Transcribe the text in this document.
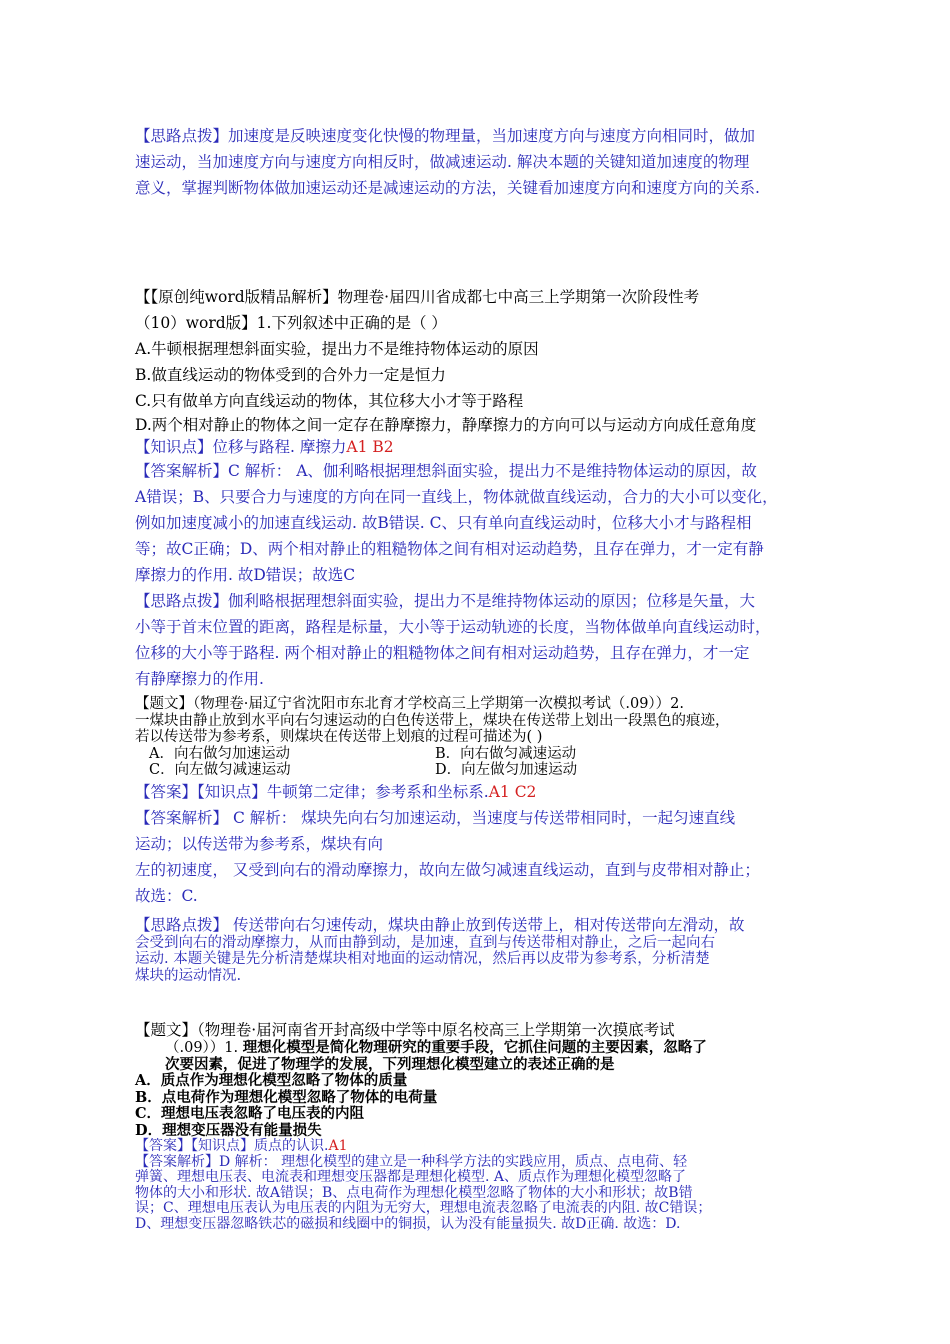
【思路点拨】加速度是反映速度变化快慢的物理量，当加速度方向与速度方向相同时，做加
速运动，当加速度方向与速度方向相反时，做减速运动. 解决本题的关键知道加速度的物理
意义，掌握判断物体做加速运动还是减速运动的方法，关键看加速度方向和速度方向的关系.
【【原创纯word版精品解析】物理卷·届四川省成都七中高三上学期第一次阶段性考
（10）word版】1.下列叙述中正确的是（ ）
A.牛顿根据理想斜面实验，提出力不是维持物体运动的原因
B.做直线运动的物体受到的合外力一定是恒力
C.只有做单方向直线运动的物体，其位移大小才等于路程
D.两个相对静止的物体之间一定存在静摩擦力，静摩擦力的方向可以与运动方向成任意角度
【知识点】位移与路程. 摩擦力A1 B2
【答案解析】C 解析： A、伽利略根据理想斜面实验，提出力不是维持物体运动的原因，故
A错误；B、只要合力与速度的方向在同一直线上，物体就做直线运动，合力的大小可以变化，
例如加速度减小的加速直线运动. 故B错误. C、只有单向直线运动时，位移大小才与路程相
等；故C正确；D、两个相对静止的粗糙物体之间有相对运动趋势，且存在弹力，才一定有静
摩擦力的作用. 故D错误；故选C
【思路点拨】伽利略根据理想斜面实验，提出力不是维持物体运动的原因；位移是矢量，大
小等于首末位置的距离，路程是标量，大小等于运动轨迹的长度，当物体做单向直线运动时，
位移的大小等于路程. 两个相对静止的粗糙物体之间有相对运动趋势，且存在弹力，才一定
有静摩擦力的作用.
【题文】（物理卷·届辽宁省沈阳市东北育才学校高三上学期第一次模拟考试（.09））2.
一煤块由静止放到水平向右匀速运动的白色传送带上，煤块在传送带上划出一段黑色的痕迹，
若以传送带为参考系，则煤块在传送带上划痕的过程可描述为( )
A．向右做匀加速运动	B．向右做匀减速运动
C．向左做匀减速运动	D．向左做匀加速运动
【答案】【知识点】牛顿第二定律；参考系和坐标系.A1 C2
【答案解析】 C 解析： 煤块先向右匀加速运动，当速度与传送带相同时，一起匀速直线
运动；以传送带为参考系，煤块有向
左的初速度， 又受到向右的滑动摩擦力，故向左做匀减速直线运动，直到与皮带相对静止；
故选：C.
【思路点拨】 传送带向右匀速传动，煤块由静止放到传送带上，相对传送带向左滑动，故
会受到向右的滑动摩擦力，从而由静到动，是加速，直到与传送带相对静止，之后一起向右
运动. 本题关键是先分析清楚煤块相对地面的运动情况，然后再以皮带为参考系，分析清楚
煤块的运动情况.
【题文】（物理卷·届河南省开封高级中学等中原名校高三上学期第一次摸底考试
（.09））1. 理想化模型是简化物理研究的重要手段，它抓住问题的主要因素，忽略了
次要因素，促进了物理学的发展，下列理想化模型建立的表述正确的是
A．质点作为理想化模型忽略了物体的质量
B．点电荷作为理想化模型忽略了物体的电荷量
C．理想电压表忽略了电压表的内阻
D．理想变压器没有能量损失
【答案】【知识点】质点的认识.A1
【答案解析】D 解析： 理想化模型的建立是一种科学方法的实践应用，质点、点电荷、轻
弹簧、理想电压表、电流表和理想变压器都是理想化模型. A、质点作为理想化模型忽略了
物体的大小和形状. 故A错误；B、点电荷作为理想化模型忽略了物体的大小和形状；故B错
误；C、理想电压表认为电压表的内阻为无穷大，理想电流表忽略了电流表的内阻. 故C错误；
D、理想变压器忽略铁芯的磁损和线圈中的铜损，认为没有能量损失. 故D正确. 故选：D.
